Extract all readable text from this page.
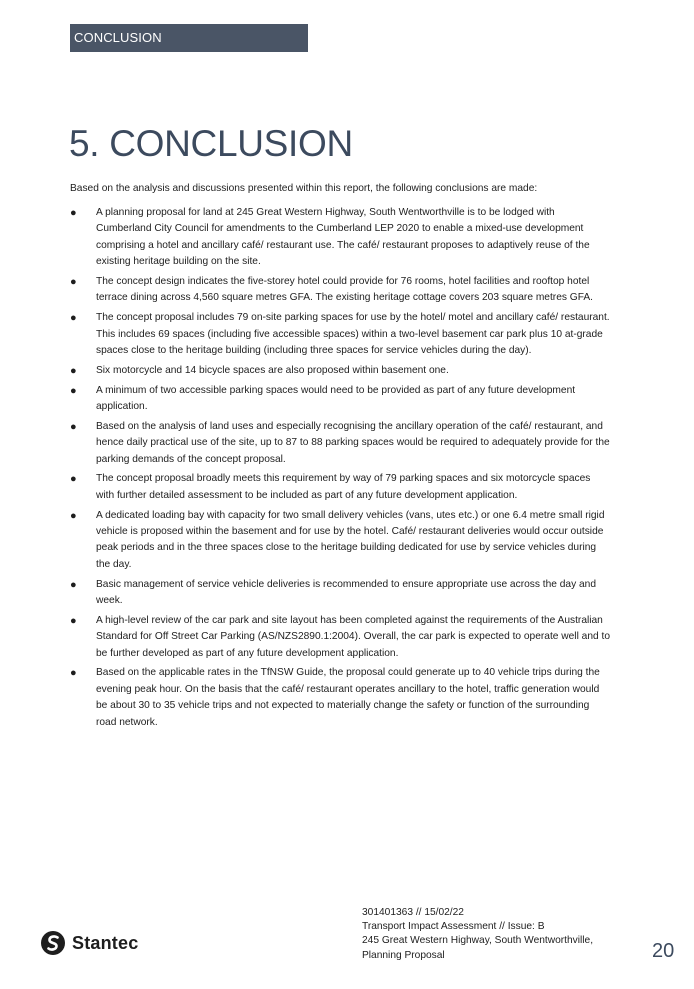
CONCLUSION
5. CONCLUSION

Based on the analysis and discussions presented within this report, the following conclusions are made:

● A planning proposal for land at 245 Great Western Highway, South Wentworthville is to be lodged with Cumberland City Council for amendments to the Cumberland LEP 2020 to enable a mixed-use development comprising a hotel and ancillary café/ restaurant use. The café/ restaurant proposes to adaptively reuse of the existing heritage building on the site.
● The concept design indicates the five-storey hotel could provide for 76 rooms, hotel facilities and rooftop hotel terrace dining across 4,560 square metres GFA. The existing heritage cottage covers 203 square metres GFA.
● The concept proposal includes 79 on-site parking spaces for use by the hotel/ motel and ancillary café/ restaurant. This includes 69 spaces (including five accessible spaces) within a two-level basement car park plus 10 at-grade spaces close to the heritage building (including three spaces for service vehicles during the day).
● Six motorcycle and 14 bicycle spaces are also proposed within basement one.
● A minimum of two accessible parking spaces would need to be provided as part of any future development application.
● Based on the analysis of land uses and especially recognising the ancillary operation of the café/ restaurant, and hence daily practical use of the site, up to 87 to 88 parking spaces would be required to adequately provide for the parking demands of the concept proposal.
● The concept proposal broadly meets this requirement by way of 79 parking spaces and six motorcycle spaces with further detailed assessment to be included as part of any future development application.
● A dedicated loading bay with capacity for two small delivery vehicles (vans, utes etc.) or one 6.4 metre small rigid vehicle is proposed within the basement and for use by the hotel. Café/ restaurant deliveries would occur outside peak periods and in the three spaces close to the heritage building dedicated for use by service vehicles during the day.
● Basic management of service vehicle deliveries is recommended to ensure appropriate use across the day and week.
● A high-level review of the car park and site layout has been completed against the requirements of the Australian Standard for Off Street Car Parking (AS/NZS2890.1:2004). Overall, the car park is expected to operate well and to be further developed as part of any future development application.
● Based on the applicable rates in the TfNSW Guide, the proposal could generate up to 40 vehicle trips during the evening peak hour. On the basis that the café/ restaurant operates ancillary to the hotel, traffic generation would be about 30 to 35 vehicle trips and not expected to materially change the safety or function of the surrounding road network.
Stantec
301401363 // 15/02/22
Transport Impact Assessment // Issue: B
245 Great Western Highway, South Wentworthville,
Planning Proposal	20
